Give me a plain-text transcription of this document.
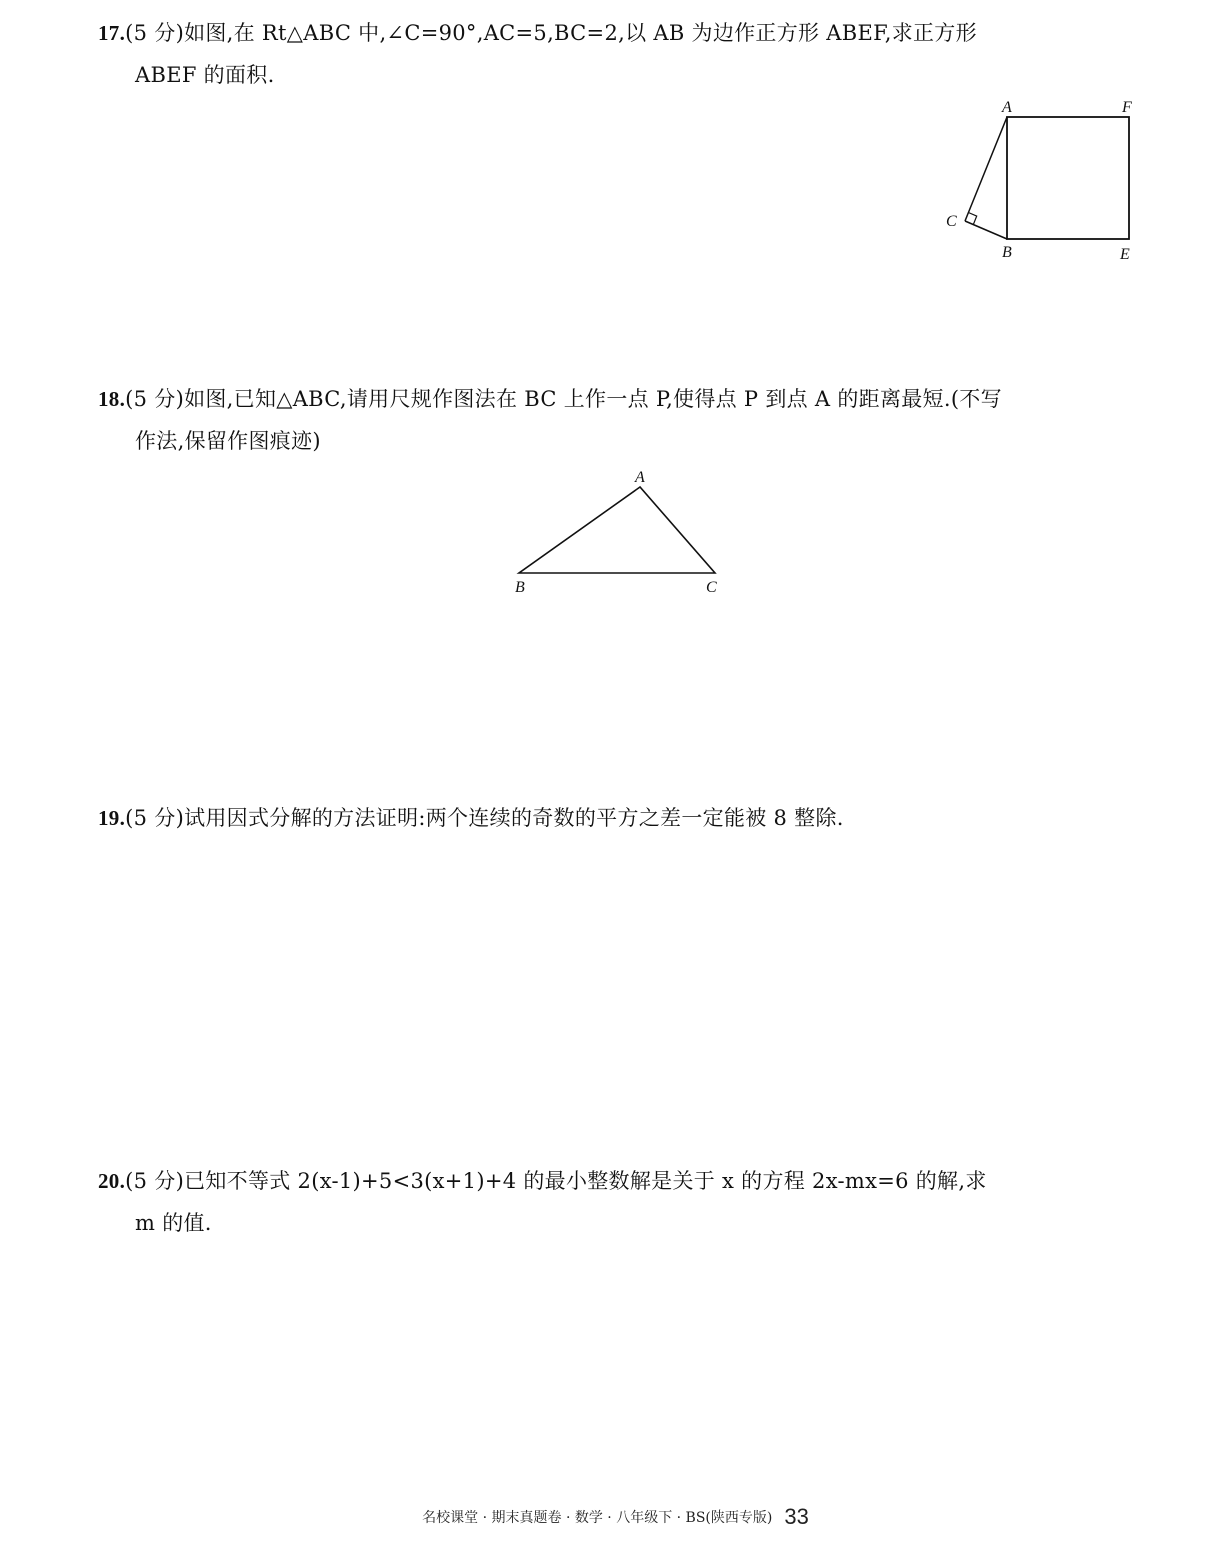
17.(5 分)如图,在 Rt△ABC 中,∠C=90°,AC=5,BC=2,以 AB 为边作正方形 ABEF,求正方形
ABEF 的面积.
A	F
C
B	E
18.(5 分)如图,已知△ABC,请用尺规作图法在 BC 上作一点 P,使得点 P 到点 A 的距离最短.(不写
作法,保留作图痕迹)
A
B	C
19.(5 分)试用因式分解的方法证明:两个连续的奇数的平方之差一定能被 8 整除.
20.(5 分)已知不等式 2(x-1)+5<3(x+1)+4 的最小整数解是关于 x 的方程 2x-mx=6 的解,求
m 的值.
名校课堂 · 期末真题卷 · 数学 · 八年级下 · BS(陕西专版) 33
